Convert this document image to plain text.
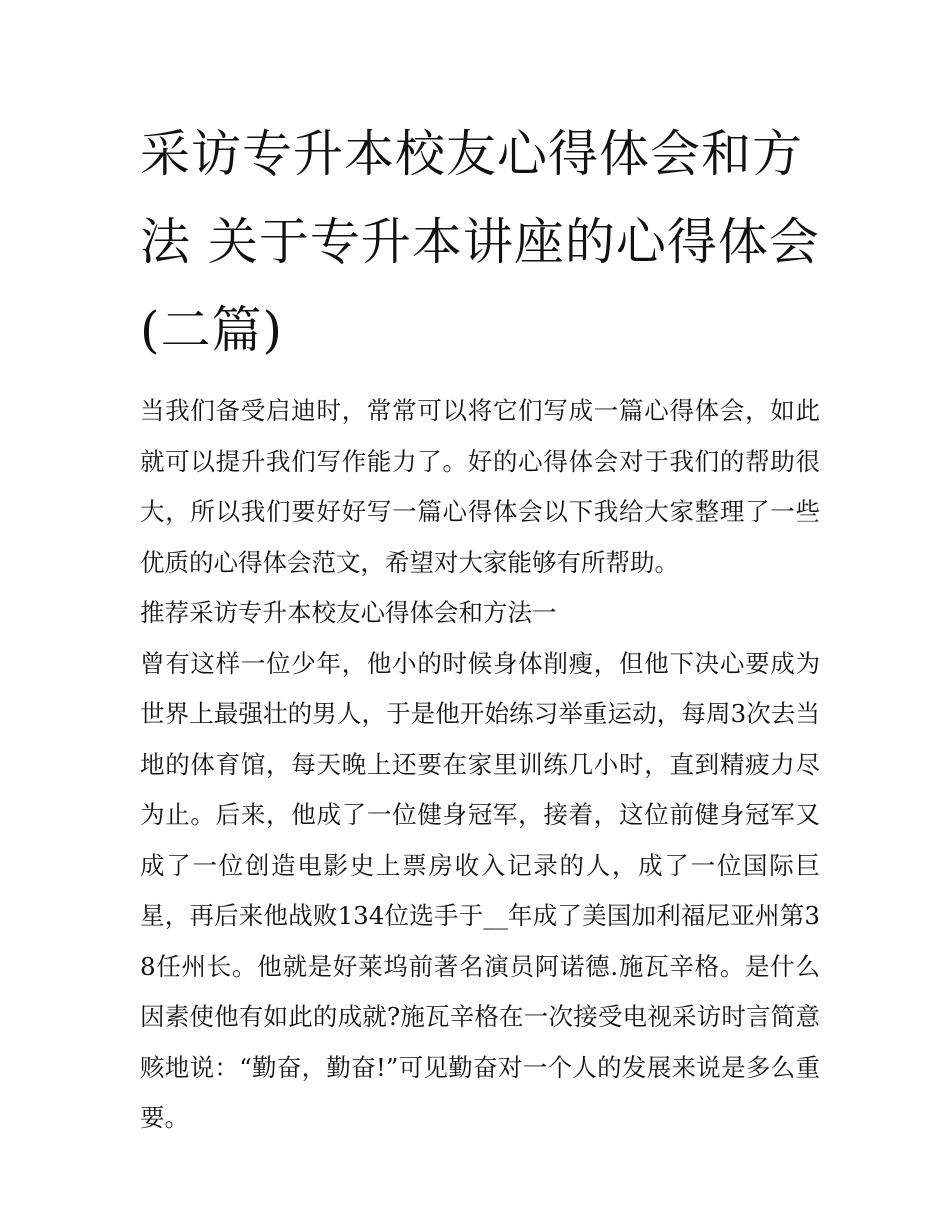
采访专升本校友心得体会和方法 关于专升本讲座的心得体会(二篇)

当我们备受启迪时，常常可以将它们写成一篇心得体会，如此就可以提升我们写作能力了。好的心得体会对于我们的帮助很大，所以我们要好好写一篇心得体会以下我给大家整理了一些优质的心得体会范文，希望对大家能够有所帮助。

推荐采访专升本校友心得体会和方法一

曾有这样一位少年，他小的时候身体削瘦，但他下决心要成为世界上最强壮的男人，于是他开始练习举重运动，每周3次去当地的体育馆，每天晚上还要在家里训练几小时，直到精疲力尽为止。后来，他成了一位健身冠军，接着，这位前健身冠军又成了一位创造电影史上票房收入记录的人，成了一位国际巨星，再后来他战败134位选手于__年成了美国加利福尼亚州第38任州长。他就是好莱坞前著名演员阿诺德.施瓦辛格。是什么因素使他有如此的成就?施瓦辛格在一次接受电视采访时言简意赅地说：“勤奋，勤奋!”可见勤奋对一个人的发展来说是多么重要。
